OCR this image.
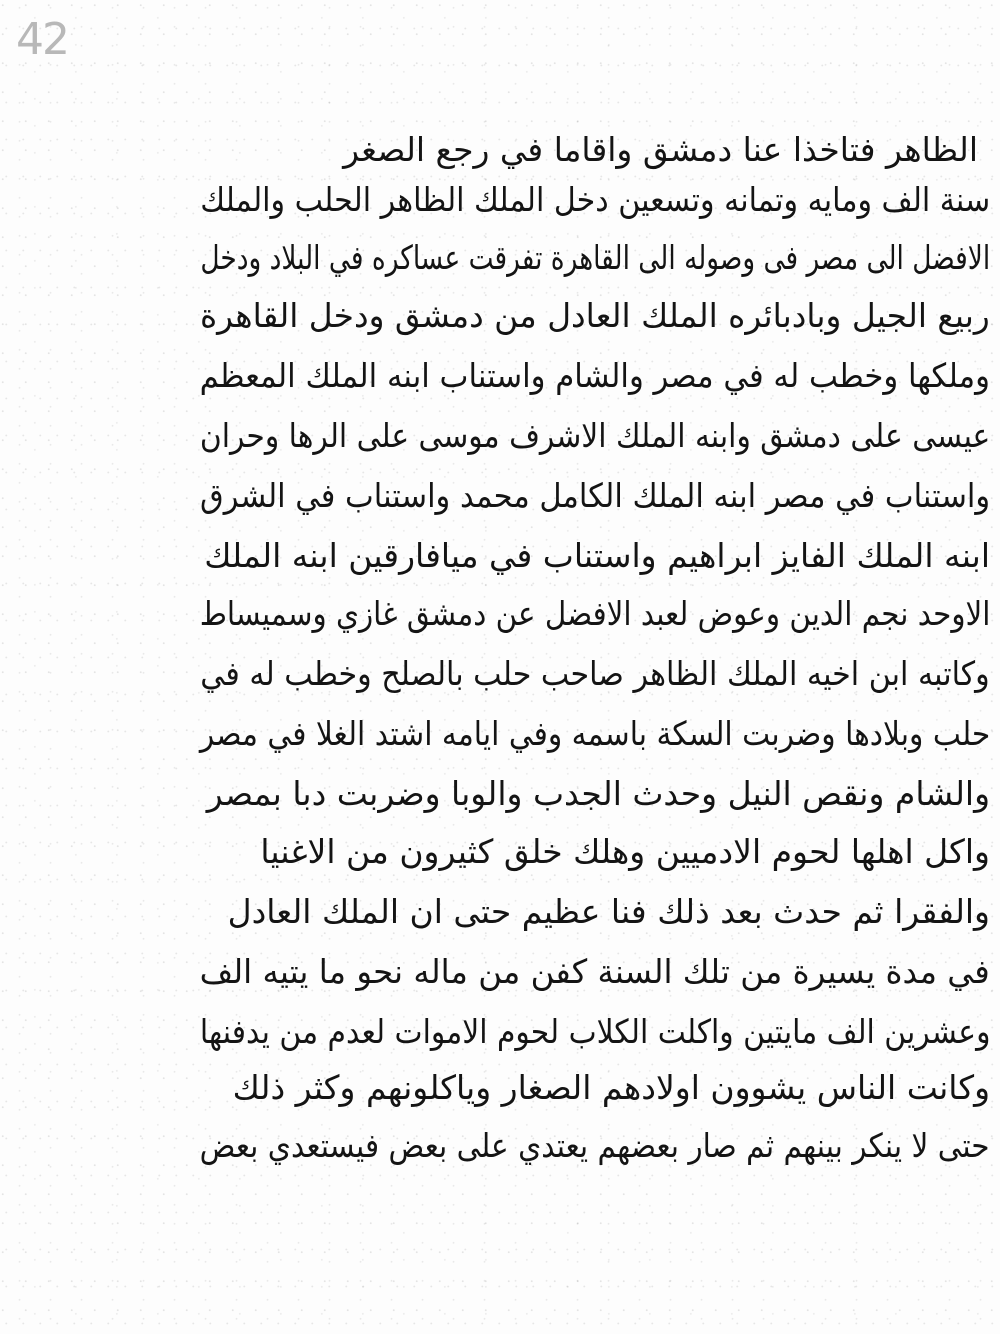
42
الظاهر فتاخذا عنا دمشق واقاما في رجع الصغر
سنة الف ومايه وتمانه وتسعين دخل الملك الظاهر الحلب والملك
الافضل الى مصر فى وصوله الى القاهرة تفرقت عساكره في البلاد ودخل
ربيع الجيل وبادبائره الملك العادل من دمشق ودخل القاهرة
وملكها وخطب له في مصر والشام واستناب ابنه الملك المعظم
عيسى على دمشق وابنه الملك الاشرف موسى على الرها وحران
واستناب في مصر ابنه الملك الكامل محمد واستناب في الشرق
ابنه الملك الفايز ابراهيم واستناب في ميافارقين ابنه الملك
الاوحد نجم الدين وعوض لعبد الافضل عن دمشق غازي وسميساط
وكاتبه ابن اخيه الملك الظاهر صاحب حلب بالصلح وخطب له في
حلب وبلادها وضربت السكة باسمه وفي ايامه اشتد الغلا في مصر
والشام ونقص النيل وحدث الجدب والوبا وضربت دبا بمصر
واكل اهلها لحوم الادميين وهلك خلق كثيرون من الاغنيا
والفقرا ثم حدث بعد ذلك فنا عظيم حتى ان الملك العادل
في مدة يسيرة من تلك السنة كفن من ماله نحو ما يتيه الف
وعشرين الف مايتين واكلت الكلاب لحوم الاموات لعدم من يدفنها
وكانت الناس يشوون اولادهم الصغار وياكلونهم وكثر ذلك
حتى لا ينكر بينهم ثم صار بعضهم يعتدي على بعض فيستعدي بعض
